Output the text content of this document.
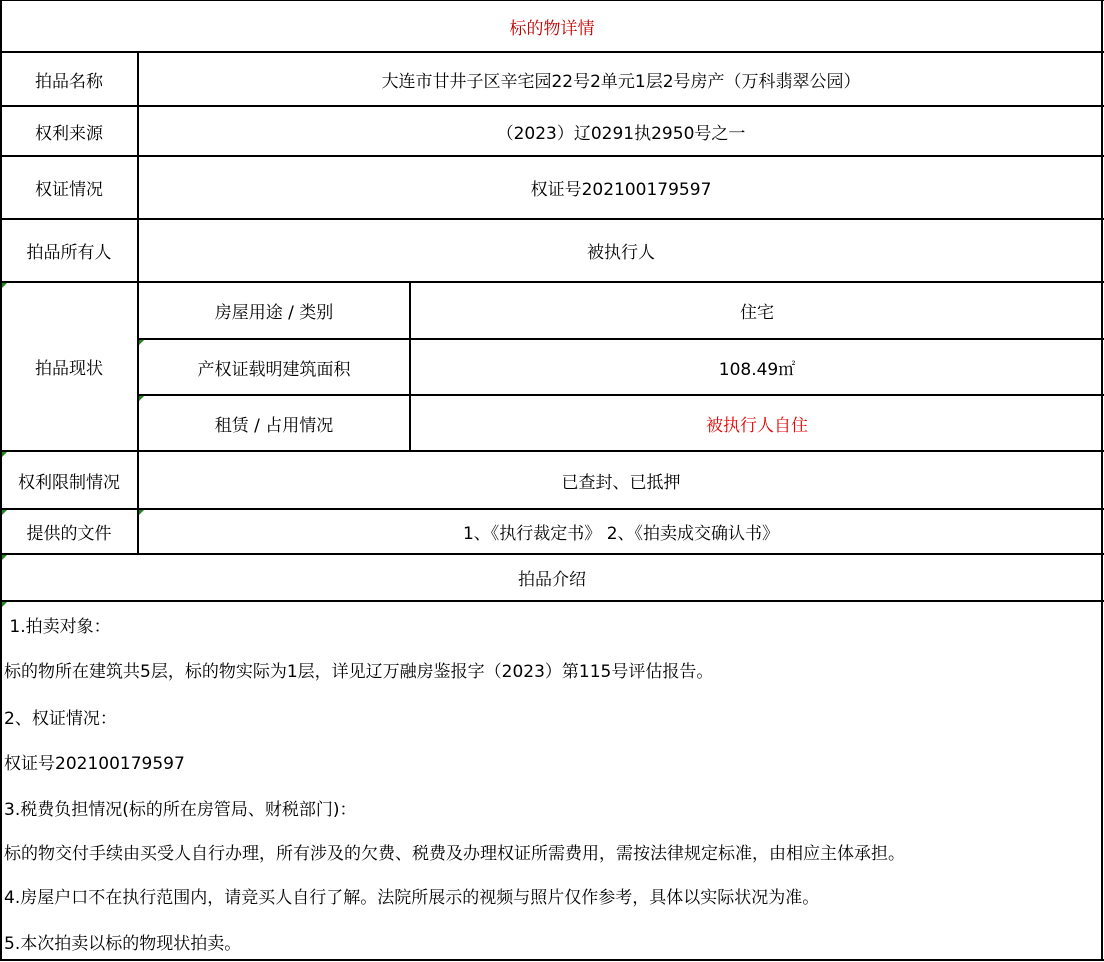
标的物详情
拍品名称	大连市甘井子区辛宅园22号2单元1层2号房产（万科翡翠公园）
权利来源	（2023）辽0291执2950号之一
权证情况	权证号202100179597
拍品所有人	被执行人
拍品现状
房屋用途 / 类别	住宅
产权证载明建筑面积	108.49㎡
租赁 / 占用情况	被执行人自住
权利限制情况	已查封、已抵押
提供的文件	1、《执行裁定书》 2、《拍卖成交确认书》
拍品介绍
1.拍卖对象：
标的物所在建筑共5层，标的物实际为1层，详见辽万融房鉴报字（2023）第115号评估报告。
2、权证情况：
权证号202100179597
3.税费负担情况(标的所在房管局、财税部门)：
标的物交付手续由买受人自行办理，所有涉及的欠费、税费及办理权证所需费用，需按法律规定标准，由相应主体承担。
4.房屋户口不在执行范围内，请竞买人自行了解。法院所展示的视频与照片仅作参考，具体以实际状况为准。
5.本次拍卖以标的物现状拍卖。
